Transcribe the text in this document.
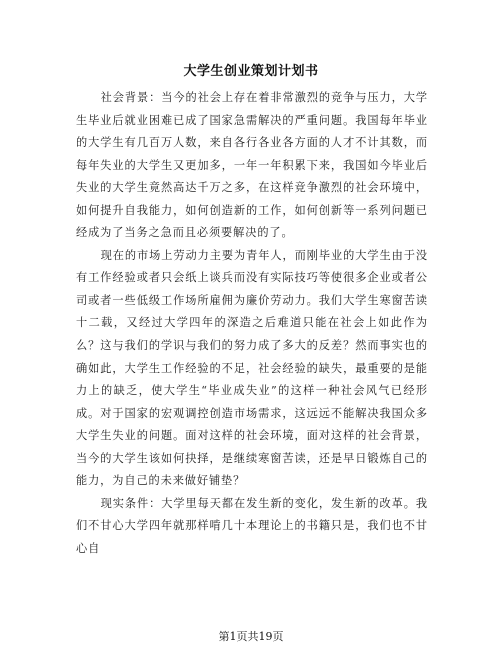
大学生创业策划计划书

社会背景：当今的社会上存在着非常激烈的竞争与压力，大学生毕业后就业困难已成了国家急需解决的严重问题。我国每年毕业的大学生有几百万人数，来自各行各业各方面的人才不计其数，而每年失业的大学生又更加多，一年一年积累下来，我国如今毕业后失业的大学生竟然高达千万之多，在这样竞争激烈的社会环境中，如何提升自我能力，如何创造新的工作，如何创新等一系列问题已经成为了当务之急而且必须要解决的了。

现在的市场上劳动力主要为青年人，而刚毕业的大学生由于没有工作经验或者只会纸上谈兵而没有实际技巧等使很多企业或者公司或者一些低级工作场所雇佣为廉价劳动力。我们大学生寒窗苦读十二载，又经过大学四年的深造之后难道只能在社会上如此作为么？这与我们的学识与我们的努力成了多大的反差？然而事实也的确如此，大学生工作经验的不足，社会经验的缺失，最重要的是能力上的缺乏，使大学生“毕业成失业”的这样一种社会风气已经形成。对于国家的宏观调控创造市场需求，这远远不能解决我国众多大学生失业的问题。面对这样的社会环境，面对这样的社会背景，当今的大学生该如何抉择，是继续寒窗苦读，还是早日锻炼自己的能力，为自己的未来做好铺垫？

现实条件：大学里每天都在发生新的变化，发生新的改革。我们不甘心大学四年就那样啃几十本理论上的书籍只是，我们也不甘心自

第1页共19页
